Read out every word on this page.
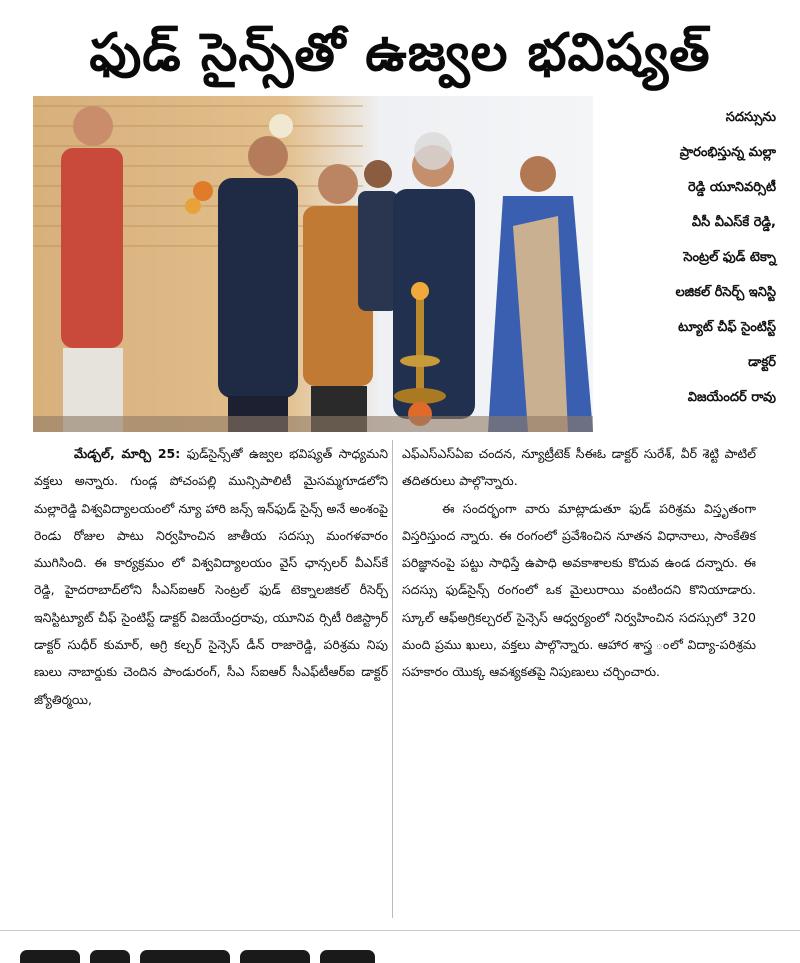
ఫుడ్ సైన్స్‌తో ఉజ్వల భవిష్యత్
సదస్సును
ప్రారంభిస్తున్న మల్లా
రెడ్డి యూనివర్సిటీ
వీసీ వీఎస్‌కే రెడ్డి,
సెంట్రల్ ఫుడ్ టెక్నా
లజికల్ రీసెర్చ్ ఇనిస్టి
ట్యూట్ చీఫ్ సైంటిస్ట్
డాక్టర్
విజయేందర్ రావు

మేడ్చల్, మార్చి 25: ఫుడ్‌సైన్స్‌తో ఉజ్వల భవిష్యత్ సాధ్యమని వక్తలు అన్నారు. గుండ్ల పోచంపల్లి మున్సిపాలిటీ మైసమ్మగూడలోని మల్లారెడ్డి విశ్వవిద్యాలయంలో న్యూ హారి జన్స్ ఇన్‌ఫుడ్ సైన్స్ అనే అంశంపై రెండు రోజుల పాటు నిర్వహించిన జాతీయ సదస్సు మంగళవారం ముగిసింది. ఈ కార్యక్రమం లో విశ్వవిద్యాలయం వైస్ ఛాన్సలర్ వీఎస్‌కే రెడ్డి, హైదరాబాద్‌లోని సీఎస్ఐఆర్ సెంట్రల్ ఫుడ్ టెక్నాలజికల్ రీసెర్చ్ ఇనిస్టిట్యూట్ చీఫ్ సైంటిస్ట్ డాక్టర్ విజయేంద్రరావు, యూనివ ర్సిటీ రిజిస్ట్రార్ డాక్టర్ సుధీర్ కుమార్, అగ్రి కల్చర్ సైన్సెస్ డీన్ రాజారెడ్డి, పరిశ్రమ నిపు ణులు నాబార్డుకు చెందిన పాండురంగ్, సీఎ స్ఐఆర్ సీఎఫ్‌టీఆర్ఐ డాక్టర్ జ్యోతిర్మయి,

ఎఫ్ఎస్ఎస్ఏఐ చందన, న్యూట్రీటెక్ సీఈఓ డాక్టర్ సురేశ్, వీర్ శెట్టి పాటిల్ తదితరులు పాల్గొన్నారు.

ఈ సందర్భంగా వారు మాట్లాడుతూ ఫుడ్ పరిశ్రమ విస్తృతంగా విస్తరిస్తుంద న్నారు. ఈ రంగంలో ప్రవేశించిన నూతన విధానాలు, సాంకేతిక పరిజ్ఞానంపై పట్టు సాధిస్తే ఉపాధి అవకాశాలకు కొదువ ఉండ దన్నారు. ఈ సదస్సు ఫుడ్‌సైన్స్ రంగంలో ఒక మైలురాయి వంటిందని కొనియాడారు. స్కూల్ ఆఫ్‌అగ్రికల్చరల్ సైన్సెస్ ఆధ్వర్యంలో నిర్వహించిన సదస్సులో 320 మంది ప్రము ఖులు, వక్తలు పాల్గొన్నారు. ఆహార శాస్త్ర ంలో విద్యా-పరిశ్రమ సహకారం యొక్క ఆవశ్యకతపై నిపుణులు చర్చించారు.
